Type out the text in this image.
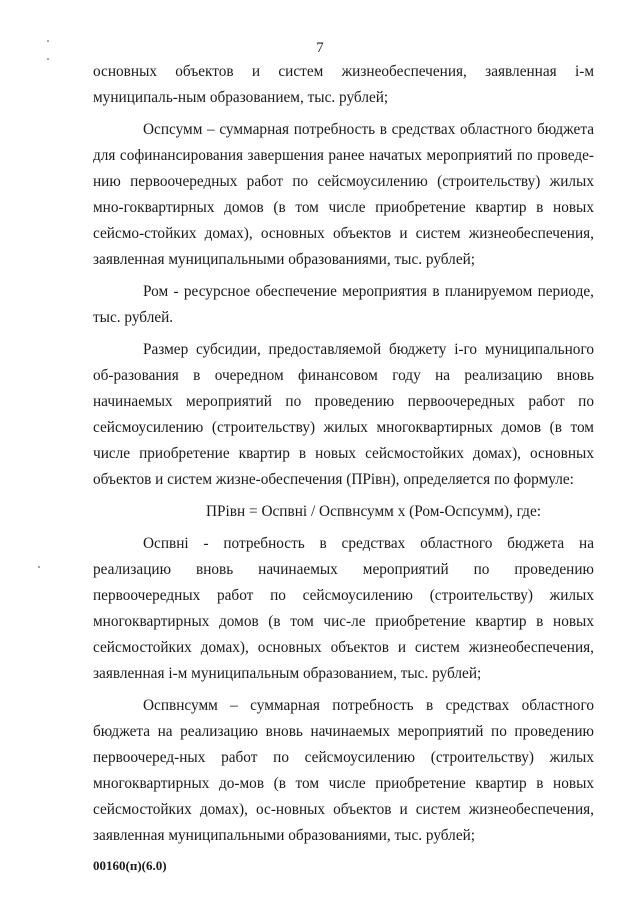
7

основных объектов и систем жизнеобеспечения, заявленная i-м муниципаль-ным образованием, тыс. рублей;

Оспсумм – суммарная потребность в средствах областного бюджета для софинансирования завершения ранее начатых мероприятий по проведе-нию первоочередных работ по сейсмоусилению (строительству) жилых мно-гоквартирных домов (в том числе приобретение квартир в новых сейсмо-стойких домах), основных объектов и систем жизнеобеспечения, заявленная муниципальными образованиями, тыс. рублей;

Ром - ресурсное обеспечение мероприятия в планируемом периоде, тыс. рублей.

Размер субсидии, предоставляемой бюджету i-го муниципального об-разования в очередном финансовом году на реализацию вновь начинаемых мероприятий по проведению первоочередных работ по сейсмоусилению (строительству) жилых многоквартирных домов (в том числе приобретение квартир в новых сейсмостойких домах), основных объектов и систем жизне-обеспечения (ПРiвн), определяется по формуле:

ПРiвн = Оспвнi / Оспвнсумм x (Ром-Оспсумм), где:

Оспвнi - потребность в средствах областного бюджета на реализацию вновь начинаемых мероприятий по проведению первоочередных работ по сейсмоусилению (строительству) жилых многоквартирных домов (в том чис-ле приобретение квартир в новых сейсмостойких домах), основных объектов и систем жизнеобеспечения, заявленная i-м муниципальным образованием, тыс. рублей;

Оспвнсумм – суммарная потребность в средствах областного бюджета на реализацию вновь начинаемых мероприятий по проведению первоочеред-ных работ по сейсмоусилению (строительству) жилых многоквартирных до-мов (в том числе приобретение квартир в новых сейсмостойких домах), ос-новных объектов и систем жизнеобеспечения, заявленная муниципальными образованиями, тыс. рублей;

00160(п)(6.0)
